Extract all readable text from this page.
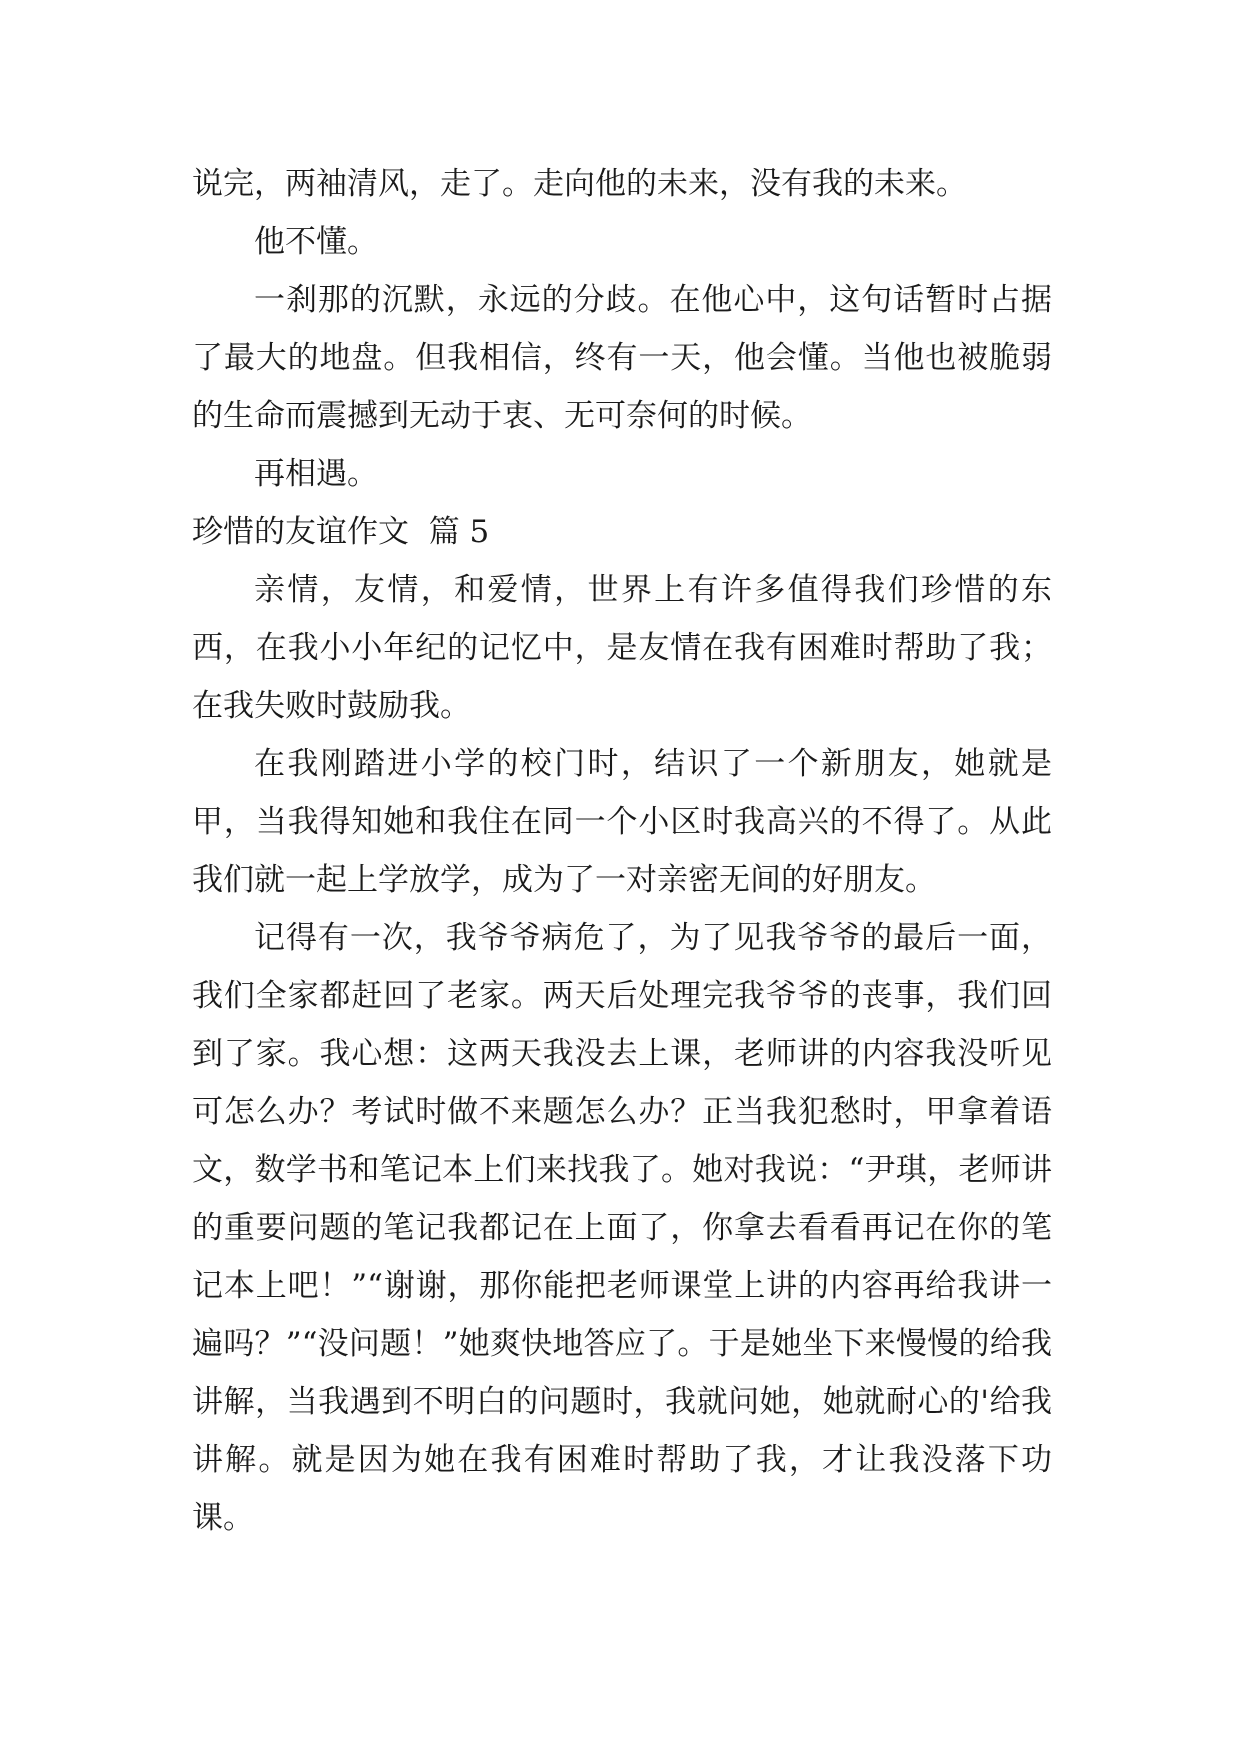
说完，两袖清风，走了。走向他的未来，没有我的未来。

他不懂。

一刹那的沉默，永远的分歧。在他心中，这句话暂时占据了最大的地盘。但我相信，终有一天，他会懂。当他也被脆弱的生命而震撼到无动于衷、无可奈何的时候。

再相遇。

珍惜的友谊作文  篇 5

亲情，友情，和爱情，世界上有许多值得我们珍惜的东西，在我小小年纪的记忆中，是友情在我有困难时帮助了我；在我失败时鼓励我。

在我刚踏进小学的校门时，结识了一个新朋友，她就是甲，当我得知她和我住在同一个小区时我高兴的不得了。从此我们就一起上学放学，成为了一对亲密无间的好朋友。

记得有一次，我爷爷病危了，为了见我爷爷的最后一面，我们全家都赶回了老家。两天后处理完我爷爷的丧事，我们回到了家。我心想：这两天我没去上课，老师讲的内容我没听见可怎么办？考试时做不来题怎么办？正当我犯愁时，甲拿着语文，数学书和笔记本上们来找我了。她对我说：“尹琪，老师讲的重要问题的笔记我都记在上面了，你拿去看看再记在你的笔记本上吧！”“谢谢，那你能把老师课堂上讲的内容再给我讲一遍吗？”“没问题！”她爽快地答应了。于是她坐下来慢慢的给我讲解，当我遇到不明白的问题时，我就问她，她就耐心的'给我讲解。就是因为她在我有困难时帮助了我，才让我没落下功课。
